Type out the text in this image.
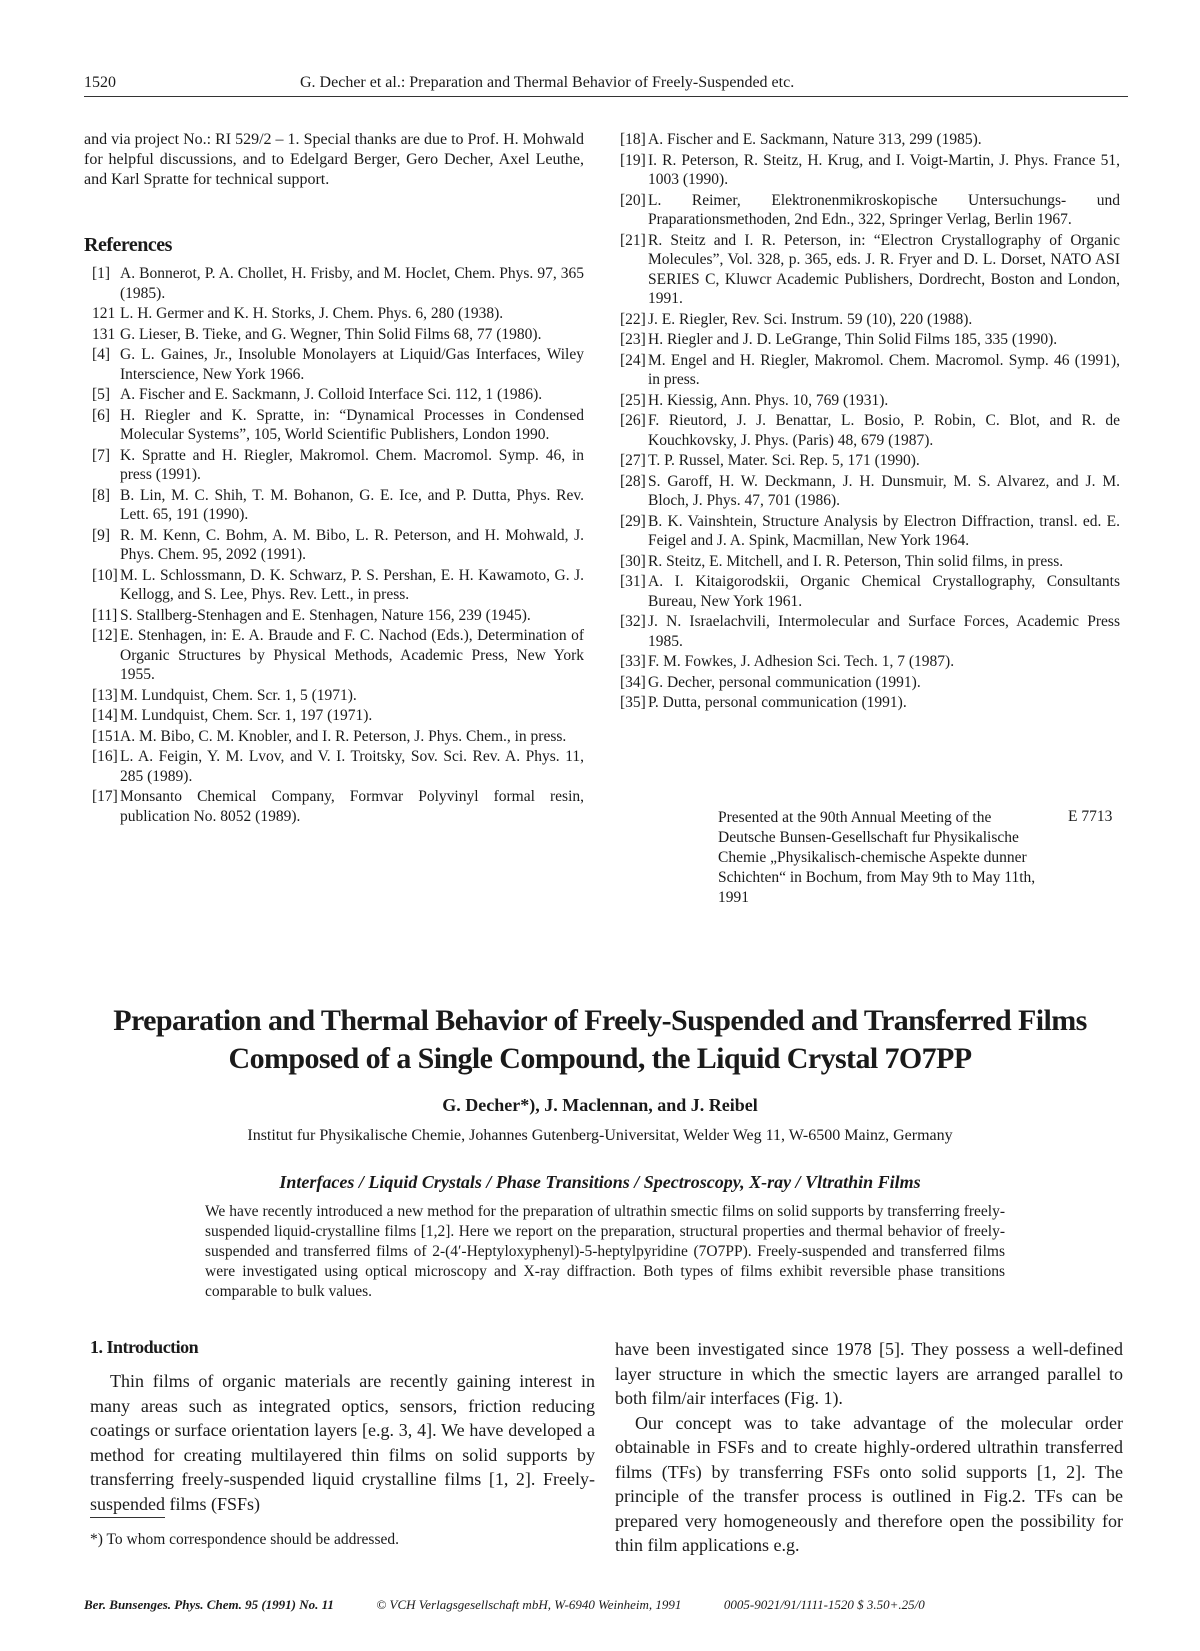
1520	G. Decher et al.: Preparation and Thermal Behavior of Freely-Suspended etc.
and via project No.: RI 529/2 – 1. Special thanks are due to Prof. H. Mohwald for helpful discussions, and to Edelgard Berger, Gero Decher, Axel Leuthe, and Karl Spratte for technical support.
References
[1] A. Bonnerot, P. A. Chollet, H. Frisby, and M. Hoclet, Chem. Phys. 97, 365 (1985).
121 L. H. Germer and K. H. Storks, J. Chem. Phys. 6, 280 (1938).
131 G. Lieser, B. Tieke, and G. Wegner, Thin Solid Films 68, 77 (1980).
[4] G. L. Gaines, Jr., Insoluble Monolayers at Liquid/Gas Interfaces, Wiley Interscience, New York 1966.
[5] A. Fischer and E. Sackmann, J. Colloid Interface Sci. 112, 1 (1986).
[6] H. Riegler and K. Spratte, in: “Dynamical Processes in Condensed Molecular Systems”, 105, World Scientific Publishers, London 1990.
[7] K. Spratte and H. Riegler, Makromol. Chem. Macromol. Symp. 46, in press (1991).
[8] B. Lin, M. C. Shih, T. M. Bohanon, G. E. Ice, and P. Dutta, Phys. Rev. Lett. 65, 191 (1990).
[9] R. M. Kenn, C. Bohm, A. M. Bibo, L. R. Peterson, and H. Mohwald, J. Phys. Chem. 95, 2092 (1991).
[10] M. L. Schlossmann, D. K. Schwarz, P. S. Pershan, E. H. Kawamoto, G. J. Kellogg, and S. Lee, Phys. Rev. Lett., in press.
[11] S. Stallberg-Stenhagen and E. Stenhagen, Nature 156, 239 (1945).
[12] E. Stenhagen, in: E. A. Braude and F. C. Nachod (Eds.), Determination of Organic Structures by Physical Methods, Academic Press, New York 1955.
[13] M. Lundquist, Chem. Scr. 1, 5 (1971).
[14] M. Lundquist, Chem. Scr. 1, 197 (1971).
[151 A. M. Bibo, C. M. Knobler, and I. R. Peterson, J. Phys. Chem., in press.
[16] L. A. Feigin, Y. M. Lvov, and V. I. Troitsky, Sov. Sci. Rev. A. Phys. 11, 285 (1989).
[17] Monsanto Chemical Company, Formvar Polyvinyl formal resin, publication No. 8052 (1989).
[18] A. Fischer and E. Sackmann, Nature 313, 299 (1985).
[19] I. R. Peterson, R. Steitz, H. Krug, and I. Voigt-Martin, J. Phys. France 51, 1003 (1990).
[20] L. Reimer, Elektronenmikroskopische Untersuchungs- und Praparationsmethoden, 2nd Edn., 322, Springer Verlag, Berlin 1967.
[21] R. Steitz and I. R. Peterson, in: “Electron Crystallography of Organic Molecules”, Vol. 328, p. 365, eds. J. R. Fryer and D. L. Dorset, NATO ASI SERIES C, Kluwcr Academic Publishers, Dordrecht, Boston and London, 1991.
[22] J. E. Riegler, Rev. Sci. Instrum. 59 (10), 220 (1988).
[23] H. Riegler and J. D. LeGrange, Thin Solid Films 185, 335 (1990).
[24] M. Engel and H. Riegler, Makromol. Chem. Macromol. Symp. 46 (1991), in press.
[25] H. Kiessig, Ann. Phys. 10, 769 (1931).
[26] F. Rieutord, J. J. Benattar, L. Bosio, P. Robin, C. Blot, and R. de Kouchkovsky, J. Phys. (Paris) 48, 679 (1987).
[27] T. P. Russel, Mater. Sci. Rep. 5, 171 (1990).
[28] S. Garoff, H. W. Deckmann, J. H. Dunsmuir, M. S. Alvarez, and J. M. Bloch, J. Phys. 47, 701 (1986).
[29] B. K. Vainshtein, Structure Analysis by Electron Diffraction, transl. ed. E. Feigel and J. A. Spink, Macmillan, New York 1964.
[30] R. Steitz, E. Mitchell, and I. R. Peterson, Thin solid films, in press.
[31] A. I. Kitaigorodskii, Organic Chemical Crystallography, Consultants Bureau, New York 1961.
[32] J. N. Israelachvili, Intermolecular and Surface Forces, Academic Press 1985.
[33] F. M. Fowkes, J. Adhesion Sci. Tech. 1, 7 (1987).
[34] G. Decher, personal communication (1991).
[35] P. Dutta, personal communication (1991).
Presented at the 90th Annual Meeting of the Deutsche Bunsen-Gesellschaft fur Physikalische Chemie „Physikalisch-chemische Aspekte dunner Schichten“ in Bochum, from May 9th to May 11th, 1991
E 7713
Preparation and Thermal Behavior of Freely-Suspended and Transferred Films
Composed of a Single Compound, the Liquid Crystal 7O7PP
G. Decher*), J. Maclennan, and J. Reibel
Institut fur Physikalische Chemie, Johannes Gutenberg-Universitat, Welder Weg 11, W-6500 Mainz, Germany
Interfaces / Liquid Crystals / Phase Transitions / Spectroscopy, X-ray / Vltrathin Films
We have recently introduced a new method for the preparation of ultrathin smectic films on solid supports by transferring freely-suspended liquid-crystalline films [1,2]. Here we report on the preparation, structural properties and thermal behavior of freely-suspended and transferred films of 2-(4′-Heptyloxyphenyl)-5-heptylpyridine (7O7PP). Freely-suspended and transferred films were investigated using optical microscopy and X-ray diffraction. Both types of films exhibit reversible phase transitions comparable to bulk values.
1. Introduction
Thin films of organic materials are recently gaining interest in many areas such as integrated optics, sensors, friction reducing coatings or surface orientation layers [e.g. 3, 4]. We have developed a method for creating multilayered thin films on solid supports by transferring freely-suspended liquid crystalline films [1, 2]. Freely-suspended films (FSFs)

have been investigated since 1978 [5]. They possess a well-defined layer structure in which the smectic layers are arranged parallel to both film/air interfaces (Fig. 1).

Our concept was to take advantage of the molecular order obtainable in FSFs and to create highly-ordered ultrathin transferred films (TFs) by transferring FSFs onto solid supports [1, 2]. The principle of the transfer process is outlined in Fig.2. TFs can be prepared very homogeneously and therefore open the possibility for thin film applications e.g.

*) To whom correspondence should be addressed.
Ber. Bunsenges. Phys. Chem. 95 (1991) No. 11	© VCH Verlagsgesellschaft mbH, W-6940 Weinheim, 1991	0005-9021/91/1111-1520 $ 3.50+.25/0
